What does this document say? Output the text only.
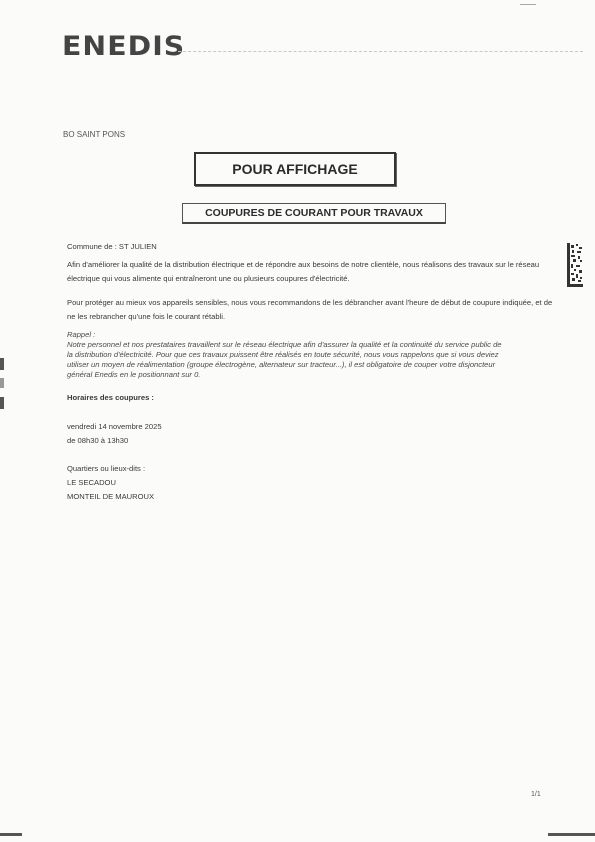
ENEDIS
BO SAINT PONS
POUR AFFICHAGE
COUPURES DE COURANT POUR TRAVAUX
Commune de : ST JULIEN
Afin d'améliorer la qualité de la distribution électrique et de répondre aux besoins de notre clientèle, nous réalisons des travaux sur le réseau électrique qui vous alimente qui entraîneront une ou plusieurs coupures d'électricité.
Pour protéger au mieux vos appareils sensibles, nous vous recommandons de les débrancher avant l'heure de début de coupure indiquée, et de ne les rebrancher qu'une fois le courant rétabli.
Rappel :
Notre personnel et nos prestataires travaillent sur le réseau électrique afin d'assurer la qualité et la continuité du service public de la distribution d'électricité. Pour que ces travaux puissent être réalisés en toute sécurité, nous vous rappelons que si vous deviez utiliser un moyen de réalimentation (groupe électrogène, alternateur sur tracteur...), il est obligatoire de couper votre disjoncteur général Enedis en le positionnant sur 0.
Horaires des coupures :
vendredi 14 novembre 2025
de 08h30 à 13h30
Quartiers ou lieux-dits :
LE SECADOU
MONTEIL DE MAUROUX
1/1
